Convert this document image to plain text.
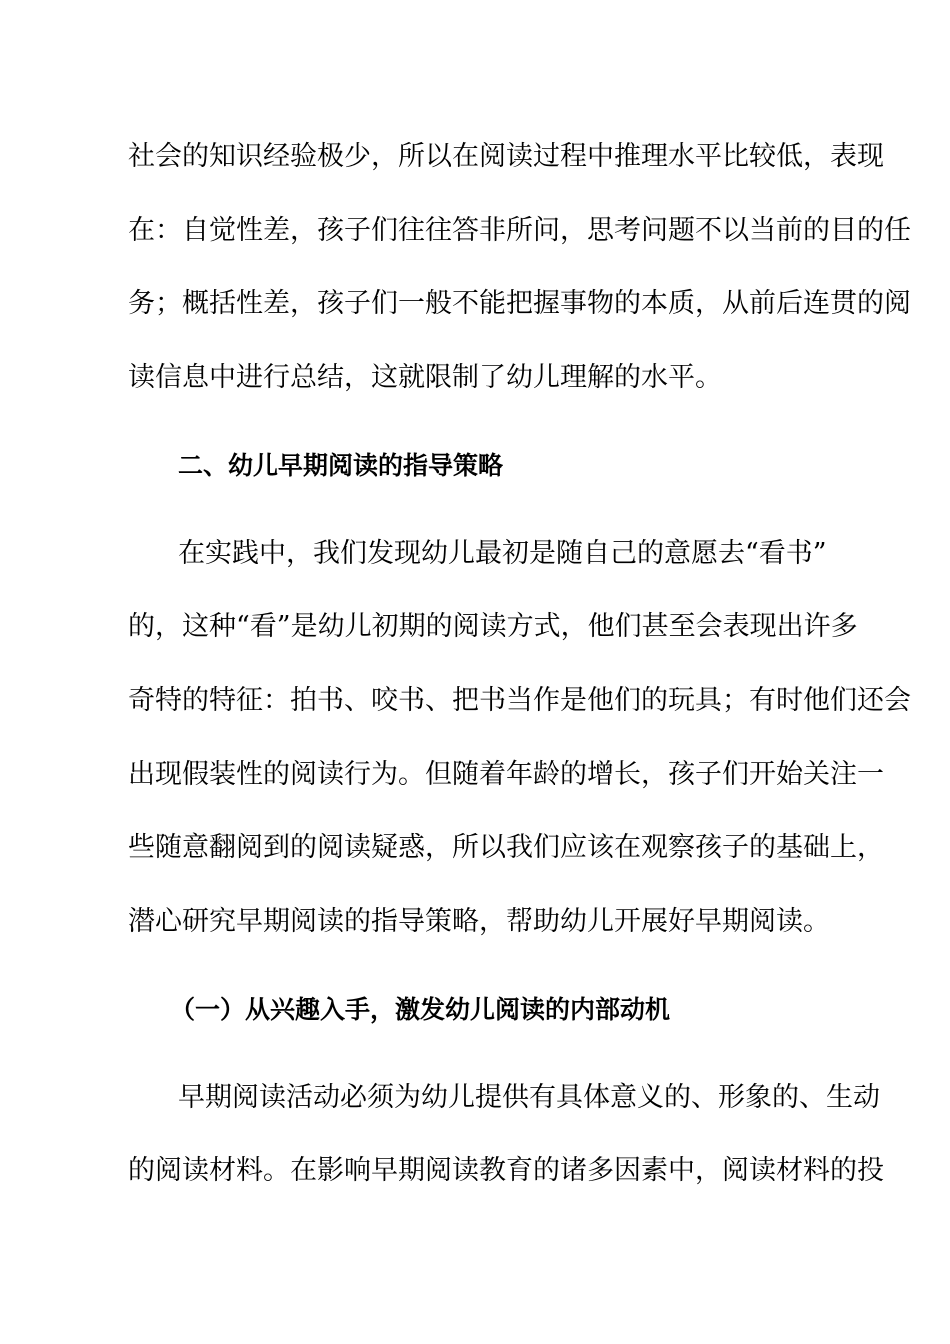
社会的知识经验极少，所以在阅读过程中推理水平比较低，表现
在：自觉性差，孩子们往往答非所问，思考问题不以当前的目的任
务；概括性差，孩子们一般不能把握事物的本质，从前后连贯的阅
读信息中进行总结，这就限制了幼儿理解的水平。
二、幼儿早期阅读的指导策略
在实践中，我们发现幼儿最初是随自己的意愿去“看书”
的，这种“看”是幼儿初期的阅读方式，他们甚至会表现出许多
奇特的特征：拍书、咬书、把书当作是他们的玩具；有时他们还会
出现假装性的阅读行为。但随着年龄的增长，孩子们开始关注一
些随意翻阅到的阅读疑惑，所以我们应该在观察孩子的基础上，
潜心研究早期阅读的指导策略，帮助幼儿开展好早期阅读。
（一）从兴趣入手，激发幼儿阅读的内部动机
早期阅读活动必须为幼儿提供有具体意义的、形象的、生动
的阅读材料。在影响早期阅读教育的诸多因素中，阅读材料的投
